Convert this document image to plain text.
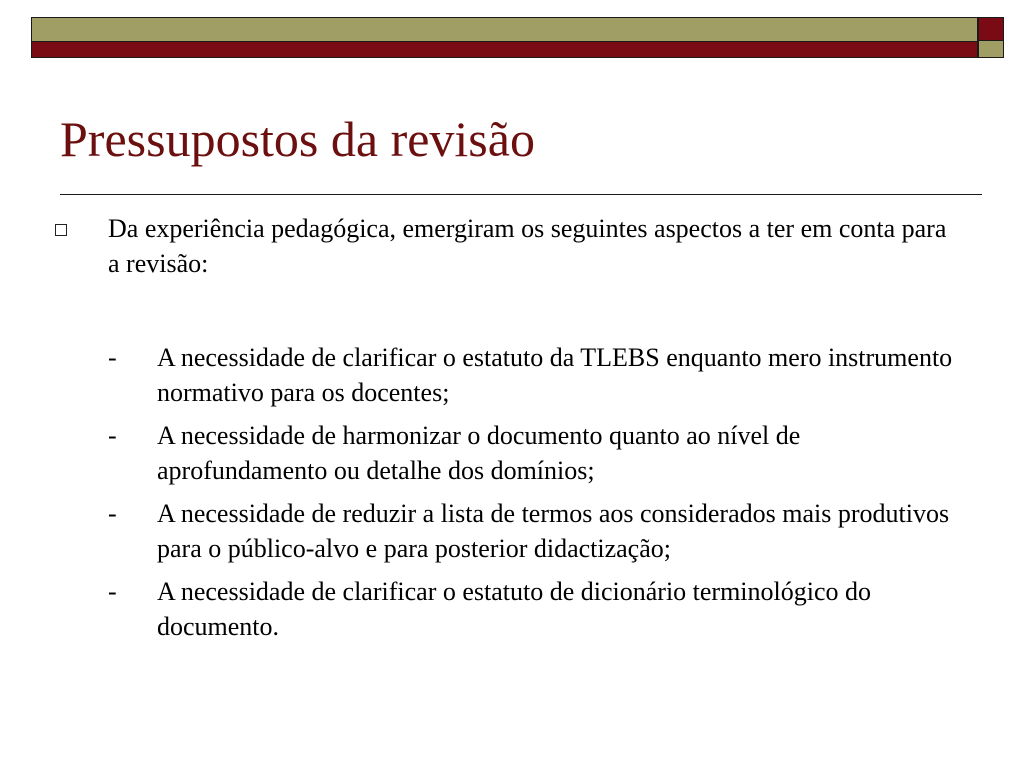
Pressupostos da revisão

Da experiência pedagógica, emergiram os seguintes aspectos a ter em conta para a revisão:

-	A necessidade de clarificar o estatuto da TLEBS enquanto mero instrumento normativo para os docentes;
-	A necessidade de harmonizar o documento quanto ao nível de aprofundamento ou detalhe dos domínios;
-	A necessidade de reduzir a lista de termos aos considerados mais produtivos para o público-alvo e para posterior didactização;
-	A necessidade de clarificar o estatuto de dicionário terminológico do documento.
